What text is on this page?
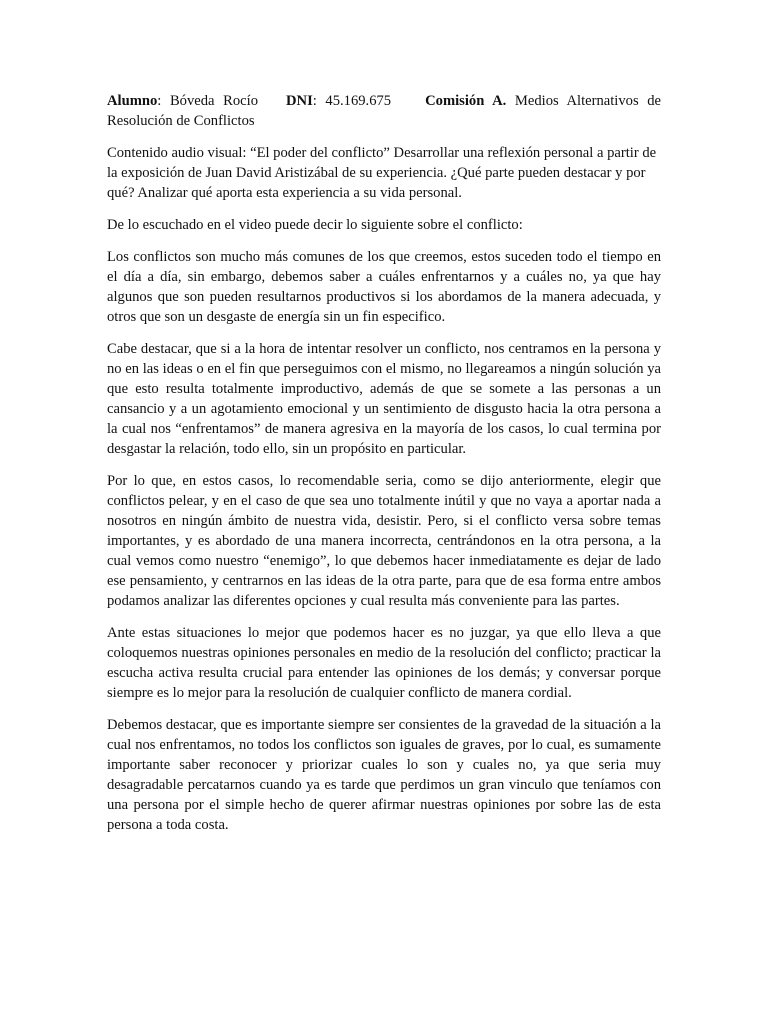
Alumno: Bóveda Rocío DNI: 45.169.675 Comisión A. Medios Alternativos de Resolución de Conflictos

Contenido audio visual: “El poder del conflicto” Desarrollar una reflexión personal a partir de la exposición de Juan David Aristizábal de su experiencia. ¿Qué parte pueden destacar y por qué? Analizar qué aporta esta experiencia a su vida personal.

De lo escuchado en el video puede decir lo siguiente sobre el conflicto:

Los conflictos son mucho más comunes de los que creemos, estos suceden todo el tiempo en el día a día, sin embargo, debemos saber a cuáles enfrentarnos y a cuáles no, ya que hay algunos que son pueden resultarnos productivos si los abordamos de la manera adecuada, y otros que son un desgaste de energía sin un fin especifico.

Cabe destacar, que si a la hora de intentar resolver un conflicto, nos centramos en la persona y no en las ideas o en el fin que perseguimos con el mismo, no llegareamos a ningún solución ya que esto resulta totalmente improductivo, además de que se somete a las personas a un cansancio y a un agotamiento emocional y un sentimiento de disgusto hacia la otra persona a la cual nos “enfrentamos” de manera agresiva en la mayoría de los casos, lo cual termina por desgastar la relación, todo ello, sin un propósito en particular.

Por lo que, en estos casos, lo recomendable seria, como se dijo anteriormente, elegir que conflictos pelear, y en el caso de que sea uno totalmente inútil y que no vaya a aportar nada a nosotros en ningún ámbito de nuestra vida, desistir. Pero, si el conflicto versa sobre temas importantes, y es abordado de una manera incorrecta, centrándonos en la otra persona, a la cual vemos como nuestro “enemigo”, lo que debemos hacer inmediatamente es dejar de lado ese pensamiento, y centrarnos en las ideas de la otra parte, para que de esa forma entre ambos podamos analizar las diferentes opciones y cual resulta más conveniente para las partes.

Ante estas situaciones lo mejor que podemos hacer es no juzgar, ya que ello lleva a que coloquemos nuestras opiniones personales en medio de la resolución del conflicto; practicar la escucha activa resulta crucial para entender las opiniones de los demás; y conversar porque siempre es lo mejor para la resolución de cualquier conflicto de manera cordial.

Debemos destacar, que es importante siempre ser consientes de la gravedad de la situación a la cual nos enfrentamos, no todos los conflictos son iguales de graves, por lo cual, es sumamente importante saber reconocer y priorizar cuales lo son y cuales no, ya que seria muy desagradable percatarnos cuando ya es tarde que perdimos un gran vinculo que teníamos con una persona por el simple hecho de querer afirmar nuestras opiniones por sobre las de esta persona a toda costa.
